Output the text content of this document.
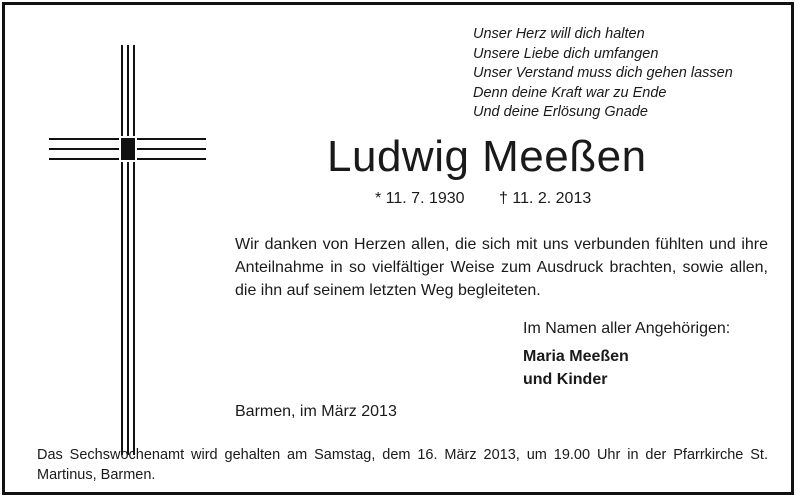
Unser Herz will dich halten
Unsere Liebe dich umfangen
Unser Verstand muss dich gehen lassen
Denn deine Kraft war zu Ende
Und deine Erlösung Gnade
Ludwig Meeßen
* 11. 7. 1930 † 11. 2. 2013
Wir danken von Herzen allen, die sich mit uns verbunden fühlten und ihre Anteilnahme in so vielfältiger Weise zum Ausdruck brachten, sowie allen, die ihn auf seinem letzten Weg begleiteten.
Im Namen aller Angehörigen:
Maria Meeßen
und Kinder
Barmen, im März 2013
Das Sechswochenamt wird gehalten am Samstag, dem 16. März 2013, um 19.00 Uhr in der Pfarrkirche St. Martinus, Barmen.
